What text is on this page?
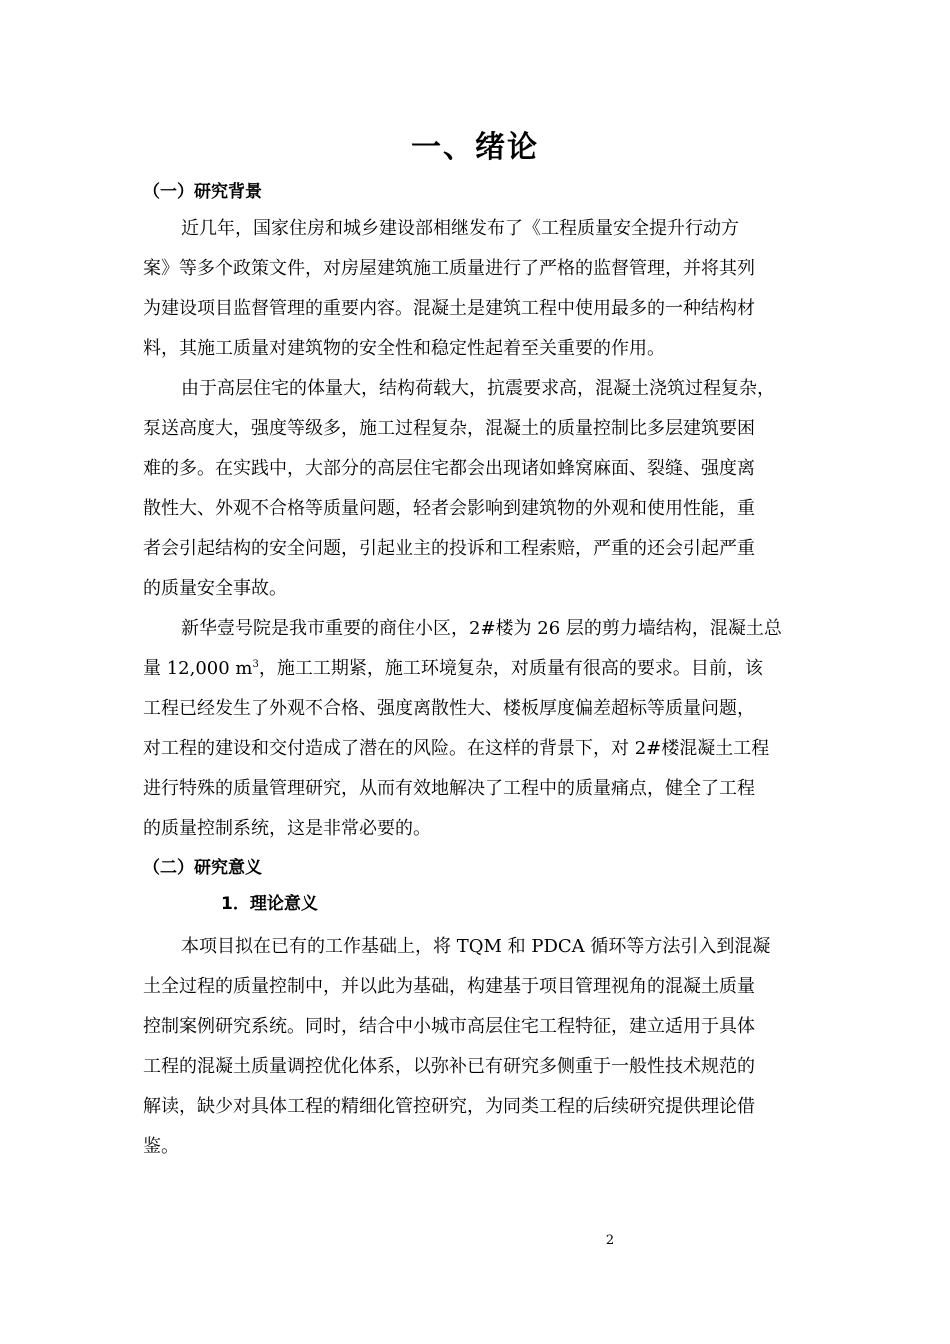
一、绪论
（一）研究背景
近几年，国家住房和城乡建设部相继发布了《工程质量安全提升行动方
案》等多个政策文件，对房屋建筑施工质量进行了严格的监督管理，并将其列
为建设项目监督管理的重要内容。混凝土是建筑工程中使用最多的一种结构材
料，其施工质量对建筑物的安全性和稳定性起着至关重要的作用。
由于高层住宅的体量大，结构荷载大，抗震要求高，混凝土浇筑过程复杂，
泵送高度大，强度等级多，施工过程复杂，混凝土的质量控制比多层建筑要困
难的多。在实践中，大部分的高层住宅都会出现诸如蜂窝麻面、裂缝、强度离
散性大、外观不合格等质量问题，轻者会影响到建筑物的外观和使用性能，重
者会引起结构的安全问题，引起业主的投诉和工程索赔，严重的还会引起严重
的质量安全事故。
新华壹号院是我市重要的商住小区，2#楼为 26 层的剪力墙结构，混凝土总
量 12,000 $m^3$，施工工期紧，施工环境复杂，对质量有很高的要求。目前，该
工程已经发生了外观不合格、强度离散性大、楼板厚度偏差超标等质量问题，
对工程的建设和交付造成了潜在的风险。在这样的背景下，对 2#楼混凝土工程
进行特殊的质量管理研究，从而有效地解决了工程中的质量痛点，健全了工程
的质量控制系统，这是非常必要的。
（二）研究意义
1．理论意义
本项目拟在已有的工作基础上，将 TQM 和 PDCA 循环等方法引入到混凝
土全过程的质量控制中，并以此为基础，构建基于项目管理视角的混凝土质量
控制案例研究系统。同时，结合中小城市高层住宅工程特征，建立适用于具体
工程的混凝土质量调控优化体系，以弥补已有研究多侧重于一般性技术规范的
解读，缺少对具体工程的精细化管控研究，为同类工程的后续研究提供理论借
鉴。
2
